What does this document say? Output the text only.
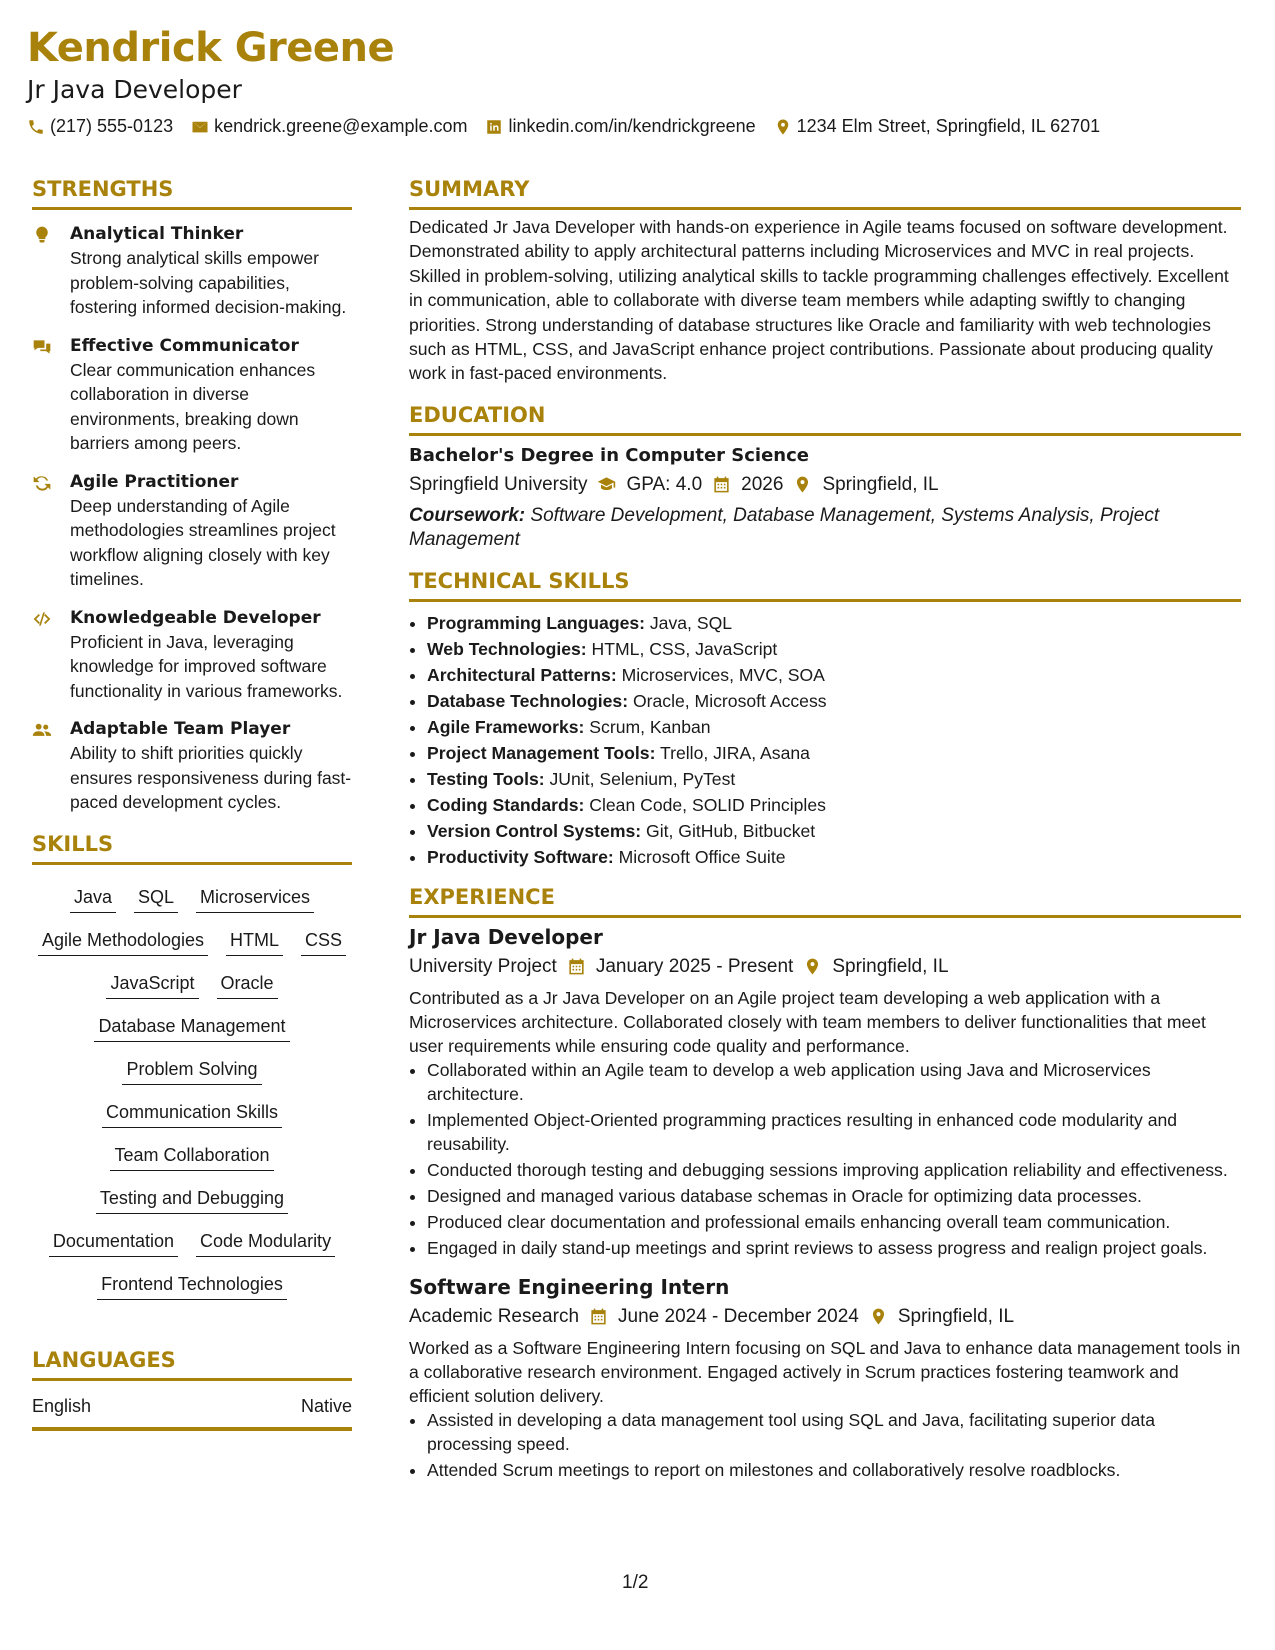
Kendrick Greene
Jr Java Developer
(217) 555-0123 kendrick.greene@example.com linkedin.com/in/kendrickgreene 1234 Elm Street, Springfield, IL 62701
STRENGTHS
Analytical Thinker
Strong analytical skills empower problem-solving capabilities, fostering informed decision-making.
Effective Communicator
Clear communication enhances collaboration in diverse environments, breaking down barriers among peers.
Agile Practitioner
Deep understanding of Agile methodologies streamlines project workflow aligning closely with key timelines.
Knowledgeable Developer
Proficient in Java, leveraging knowledge for improved software functionality in various frameworks.
Adaptable Team Player
Ability to shift priorities quickly ensures responsiveness during fast-paced development cycles.
SKILLS
Java SQL Microservices
Agile Methodologies HTML CSS
JavaScript Oracle
Database Management
Problem Solving
Communication Skills
Team Collaboration
Testing and Debugging
Documentation Code Modularity
Frontend Technologies
LANGUAGES
English	Native
SUMMARY
Dedicated Jr Java Developer with hands-on experience in Agile teams focused on software development. Demonstrated ability to apply architectural patterns including Microservices and MVC in real projects. Skilled in problem-solving, utilizing analytical skills to tackle programming challenges effectively. Excellent in communication, able to collaborate with diverse team members while adapting swiftly to changing priorities. Strong understanding of database structures like Oracle and familiarity with web technologies such as HTML, CSS, and JavaScript enhance project contributions. Passionate about producing quality work in fast-paced environments.
EDUCATION
Bachelor's Degree in Computer Science
Springfield University GPA: 4.0 2026 Springfield, IL
Coursework: Software Development, Database Management, Systems Analysis, Project Management
TECHNICAL SKILLS
• Programming Languages: Java, SQL
• Web Technologies: HTML, CSS, JavaScript
• Architectural Patterns: Microservices, MVC, SOA
• Database Technologies: Oracle, Microsoft Access
• Agile Frameworks: Scrum, Kanban
• Project Management Tools: Trello, JIRA, Asana
• Testing Tools: JUnit, Selenium, PyTest
• Coding Standards: Clean Code, SOLID Principles
• Version Control Systems: Git, GitHub, Bitbucket
• Productivity Software: Microsoft Office Suite
EXPERIENCE
Jr Java Developer
University Project January 2025 - Present Springfield, IL
Contributed as a Jr Java Developer on an Agile project team developing a web application with a Microservices architecture. Collaborated closely with team members to deliver functionalities that meet user requirements while ensuring code quality and performance.
• Collaborated within an Agile team to develop a web application using Java and Microservices architecture.
• Implemented Object-Oriented programming practices resulting in enhanced code modularity and reusability.
• Conducted thorough testing and debugging sessions improving application reliability and effectiveness.
• Designed and managed various database schemas in Oracle for optimizing data processes.
• Produced clear documentation and professional emails enhancing overall team communication.
• Engaged in daily stand-up meetings and sprint reviews to assess progress and realign project goals.
Software Engineering Intern
Academic Research June 2024 - December 2024 Springfield, IL
Worked as a Software Engineering Intern focusing on SQL and Java to enhance data management tools in a collaborative research environment. Engaged actively in Scrum practices fostering teamwork and efficient solution delivery.
• Assisted in developing a data management tool using SQL and Java, facilitating superior data processing speed.
• Attended Scrum meetings to report on milestones and collaboratively resolve roadblocks.
1/2
